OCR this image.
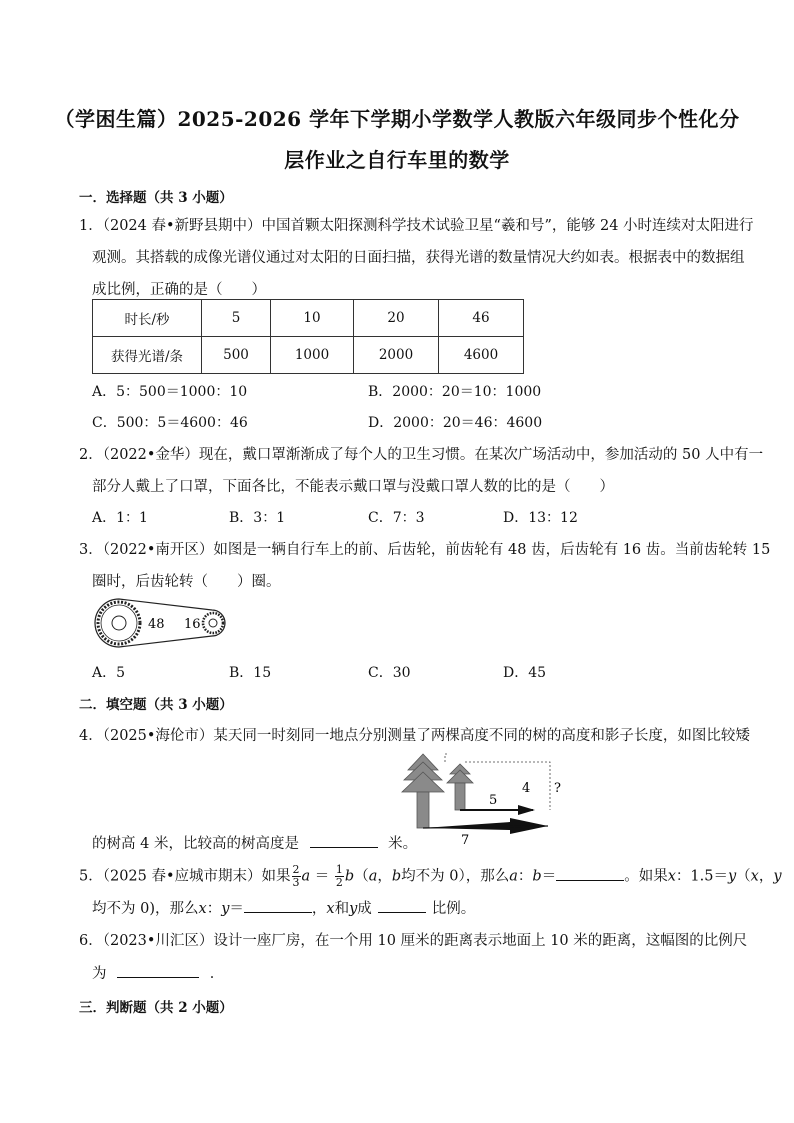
（学困生篇）2025-2026 学年下学期小学数学人教版六年级同步个性化分
层作业之自行车里的数学
一．选择题（共 3 小题）
1．（2024 春•新野县期中）中国首颗太阳探测科学技术试验卫星“羲和号”，能够 24 小时连续对太阳进行
观测。其搭载的成像光谱仪通过对太阳的日面扫描，获得光谱的数量情况大约如表。根据表中的数据组
成比例，正确的是（　　）
时长/秒	5	10	20	46
获得光谱/条	500	1000	2000	4600
A．5：500＝1000：10	B．2000：20＝10：1000
C．500：5＝4600：46	D．2000：20＝46：4600
2．（2022•金华）现在，戴口罩渐渐成了每个人的卫生习惯。在某次广场活动中，参加活动的 50 人中有一
部分人戴上了口罩，下面各比，不能表示戴口罩与没戴口罩人数的比的是（　　）
A．1：1	B．3：1	C．7：3	D．13：12
3．（2022•南开区）如图是一辆自行车上的前、后齿轮，前齿轮有 48 齿，后齿轮有 16 齿。当前齿轮转 15
圈时，后齿轮转（　　）圈。
48 16
A．5	B．15	C．30	D．45
二．填空题（共 3 小题）
4．（2025•海伦市）某天同一时刻同一地点分别测量了两棵高度不同的树的高度和影子长度，如图比较矮
4
5
7
?
的树高 4 米，比较高的树高度是	米。
5．（2025 春•应城市期末）如果 $\frac{2}{3}$ $a = \frac{1}{2} b(a$，b均不为 0），那么a：b＝	。如果x：1.5＝y（x，y
均不为 0)，那么x：y＝	，x和y成	比例。
6．（2023•川汇区）设计一座厂房，在一个用 10 厘米的距离表示地面上 10 米的距离，这幅图的比例尺
为	．
三．判断题（共 2 小题）
